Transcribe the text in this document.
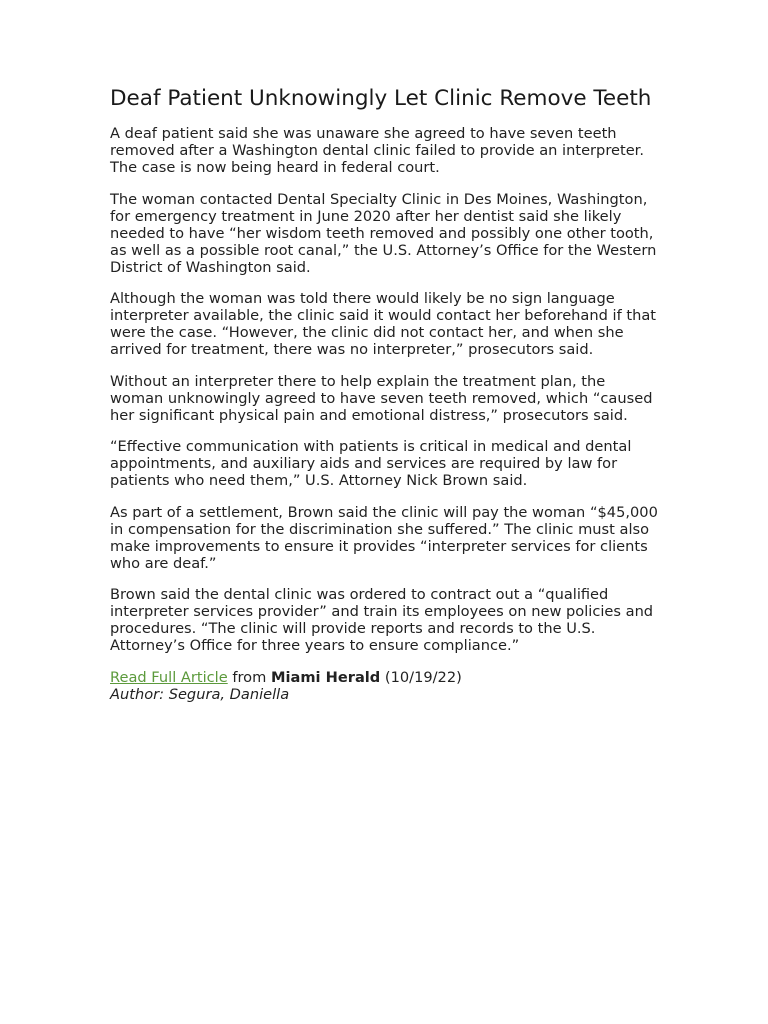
Deaf Patient Unknowingly Let Clinic Remove Teeth

A deaf patient said she was unaware she agreed to have seven teeth removed after a Washington dental clinic failed to provide an interpreter. The case is now being heard in federal court.

The woman contacted Dental Specialty Clinic in Des Moines, Washington, for emergency treatment in June 2020 after her dentist said she likely needed to have “her wisdom teeth removed and possibly one other tooth, as well as a possible root canal,” the U.S. Attorney’s Office for the Western District of Washington said.

Although the woman was told there would likely be no sign language interpreter available, the clinic said it would contact her beforehand if that were the case. “However, the clinic did not contact her, and when she arrived for treatment, there was no interpreter,” prosecutors said.

Without an interpreter there to help explain the treatment plan, the woman unknowingly agreed to have seven teeth removed, which “caused her significant physical pain and emotional distress,” prosecutors said.

“Effective communication with patients is critical in medical and dental appointments, and auxiliary aids and services are required by law for patients who need them,” U.S. Attorney Nick Brown said.

As part of a settlement, Brown said the clinic will pay the woman “$45,000 in compensation for the discrimination she suffered.” The clinic must also make improvements to ensure it provides “interpreter services for clients who are deaf.”

Brown said the dental clinic was ordered to contract out a “qualified interpreter services provider” and train its employees on new policies and procedures. “The clinic will provide reports and records to the U.S. Attorney’s Office for three years to ensure compliance.”

Read Full Article from Miami Herald (10/19/22)

Author: Segura, Daniella
